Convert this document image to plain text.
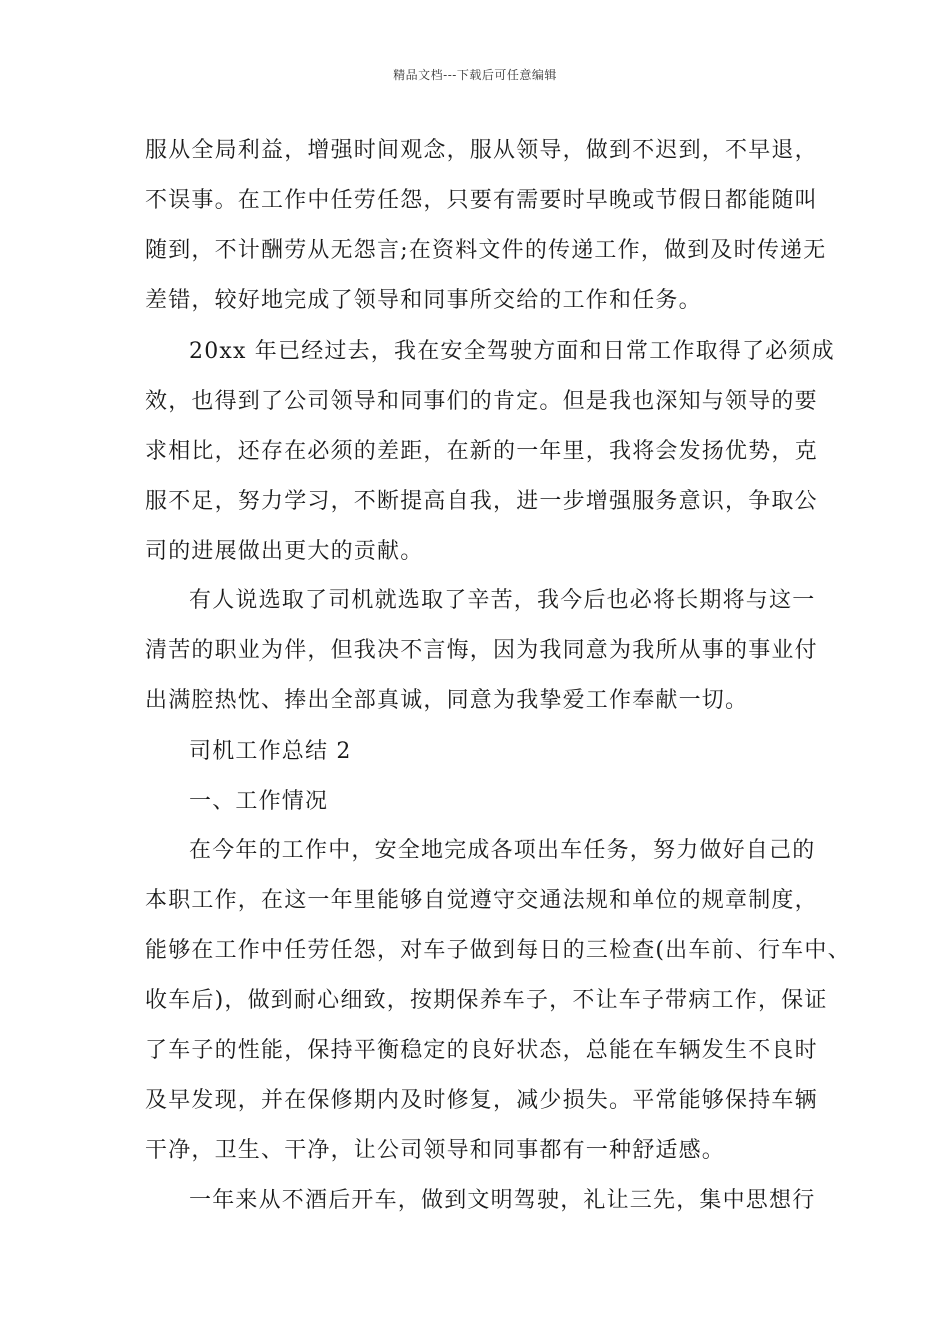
精品文档---下载后可任意编辑
服从全局利益，增强时间观念，服从领导，做到不迟到，不早退，
不误事。在工作中任劳任怨，只要有需要时早晚或节假日都能随叫
随到，不计酬劳从无怨言;在资料文件的传递工作，做到及时传递无
差错，较好地完成了领导和同事所交给的工作和任务。
20xx 年已经过去，我在安全驾驶方面和日常工作取得了必须成
效，也得到了公司领导和同事们的肯定。但是我也深知与领导的要
求相比，还存在必须的差距，在新的一年里，我将会发扬优势，克
服不足，努力学习，不断提高自我，进一步增强服务意识，争取公
司的进展做出更大的贡献。
有人说选取了司机就选取了辛苦，我今后也必将长期将与这一
清苦的职业为伴，但我决不言悔，因为我同意为我所从事的事业付
出满腔热忱、捧出全部真诚，同意为我挚爱工作奉献一切。
司机工作总结 2
一、工作情况
在今年的工作中，安全地完成各项出车任务，努力做好自己的
本职工作，在这一年里能够自觉遵守交通法规和单位的规章制度，
能够在工作中任劳任怨，对车子做到每日的三检查(出车前、行车中、
收车后)，做到耐心细致，按期保养车子，不让车子带病工作，保证
了车子的性能，保持平衡稳定的良好状态，总能在车辆发生不良时
及早发现，并在保修期内及时修复，减少损失。平常能够保持车辆
干净，卫生、干净，让公司领导和同事都有一种舒适感。
一年来从不酒后开车，做到文明驾驶，礼让三先，集中思想行
